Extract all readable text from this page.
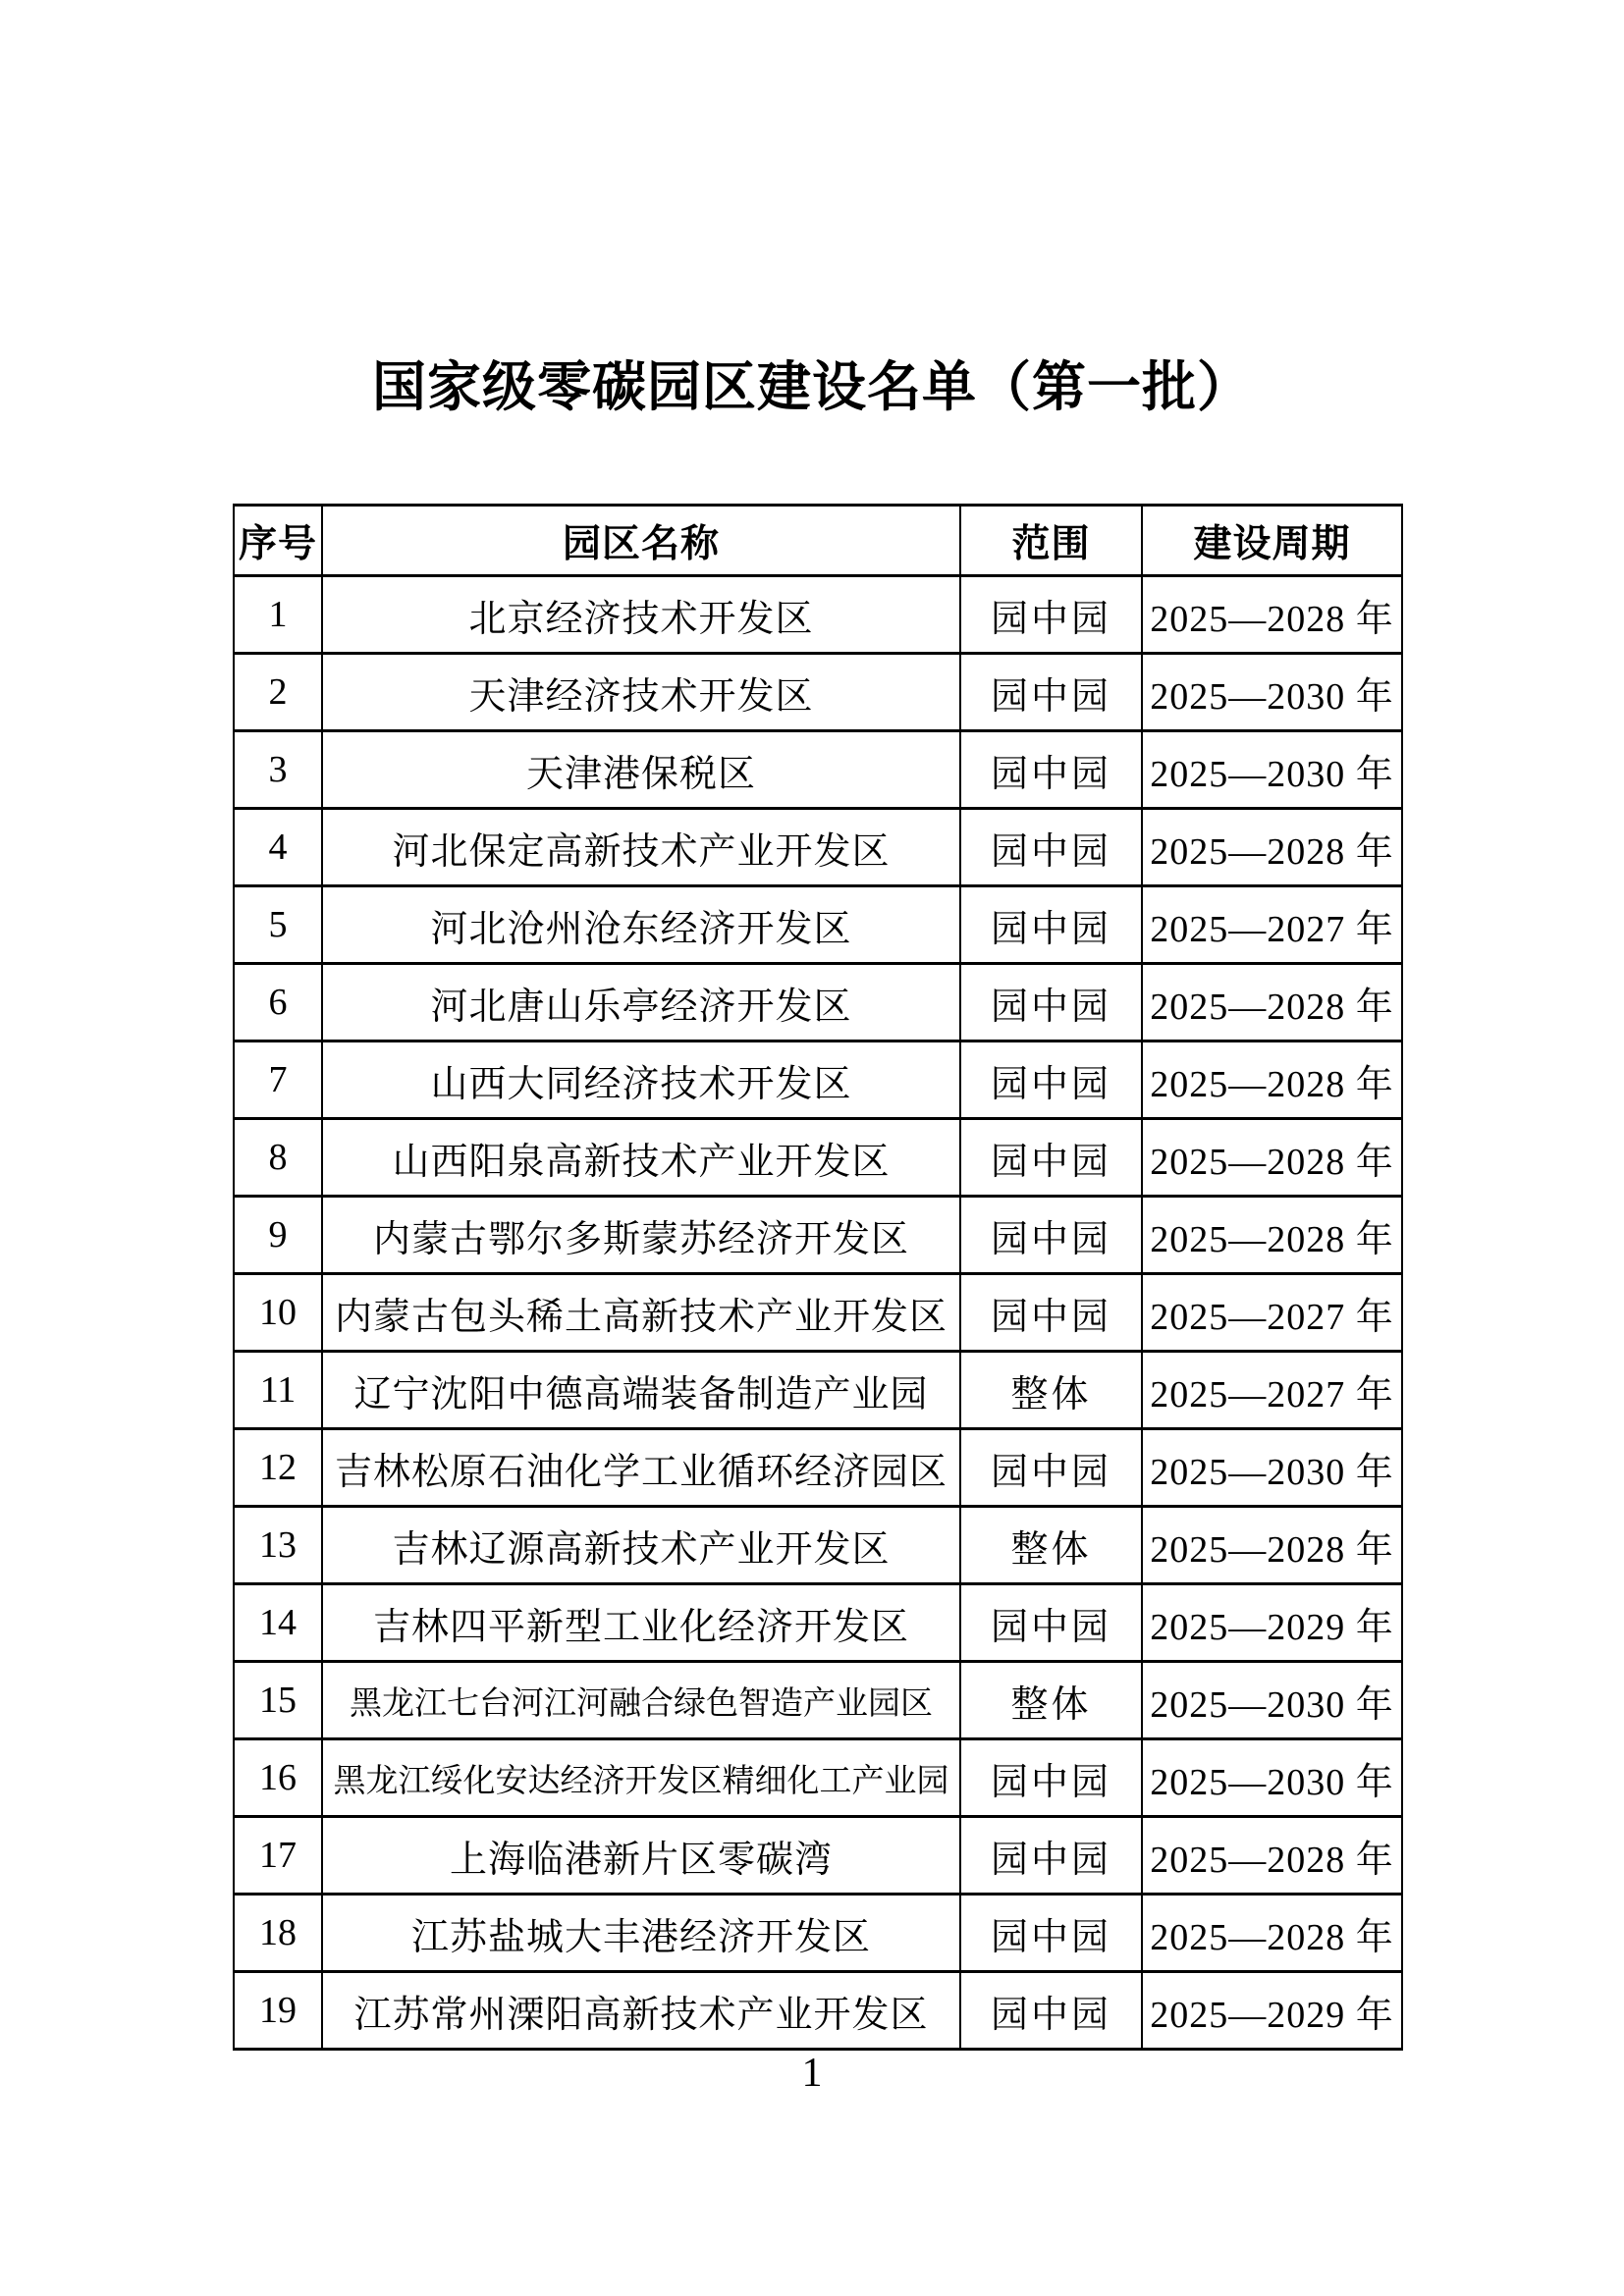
国家级零碳园区建设名单（第一批）
序号	园区名称	范围	建设周期
1	北京经济技术开发区	园中园	2025—2028 年
2	天津经济技术开发区	园中园	2025—2030 年
3	天津港保税区	园中园	2025—2030 年
4	河北保定高新技术产业开发区	园中园	2025—2028 年
5	河北沧州沧东经济开发区	园中园	2025—2027 年
6	河北唐山乐亭经济开发区	园中园	2025—2028 年
7	山西大同经济技术开发区	园中园	2025—2028 年
8	山西阳泉高新技术产业开发区	园中园	2025—2028 年
9	内蒙古鄂尔多斯蒙苏经济开发区	园中园	2025—2028 年
10	内蒙古包头稀土高新技术产业开发区	园中园	2025—2027 年
11	辽宁沈阳中德高端装备制造产业园	整体	2025—2027 年
12	吉林松原石油化学工业循环经济园区	园中园	2025—2030 年
13	吉林辽源高新技术产业开发区	整体	2025—2028 年
14	吉林四平新型工业化经济开发区	园中园	2025—2029 年
15	黑龙江七台河江河融合绿色智造产业园区	整体	2025—2030 年
16	黑龙江绥化安达经济开发区精细化工产业园	园中园	2025—2030 年
17	上海临港新片区零碳湾	园中园	2025—2028 年
18	江苏盐城大丰港经济开发区	园中园	2025—2028 年
19	江苏常州溧阳高新技术产业开发区	园中园	2025—2029 年
1
